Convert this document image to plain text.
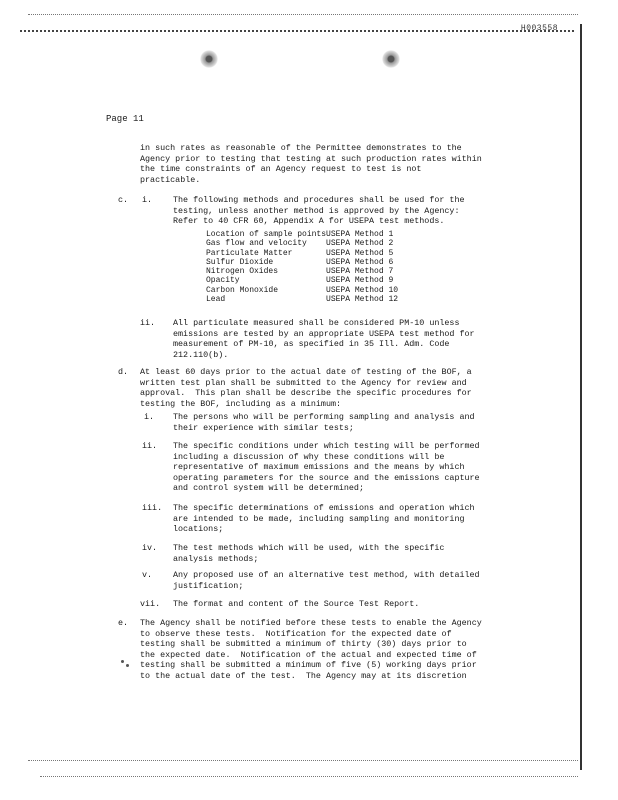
H003558
Page 11
in such rates as reasonable of the Permittee demonstrates to the
Agency prior to testing that testing at such production rates within
the time constraints of an Agency request to test is not
practicable.
c. i. The following methods and procedures shall be used for the
testing, unless another method is approved by the Agency:
Refer to 40 CFR 60, Appendix A for USEPA test methods.
Location of sample points	USEPA Method 1
Gas flow and velocity	USEPA Method 2
Particulate Matter	USEPA Method 5
Sulfur Dioxide	USEPA Method 6
Nitrogen Oxides	USEPA Method 7
Opacity	USEPA Method 9
Carbon Monoxide	USEPA Method 10
Lead	USEPA Method 12
ii. All particulate measured shall be considered PM-10 unless
emissions are tested by an appropriate USEPA test method for
measurement of PM-10, as specified in 35 Ill. Adm. Code
212.110(b).
d. At least 60 days prior to the actual date of testing of the BOF, a
written test plan shall be submitted to the Agency for review and
approval.  This plan shall be describe the specific procedures for
testing the BOF, including as a minimum:
i. The persons who will be performing sampling and analysis and
their experience with similar tests;
ii. The specific conditions under which testing will be performed
including a discussion of why these conditions will be
representative of maximum emissions and the means by which
operating parameters for the source and the emissions capture
and control system will be determined;
iii. The specific determinations of emissions and operation which
are intended to be made, including sampling and monitoring
locations;
iv. The test methods which will be used, with the specific
analysis methods;
v. Any proposed use of an alternative test method, with detailed
justification;
vii. The format and content of the Source Test Report.
e. The Agency shall be notified before these tests to enable the Agency
to observe these tests.  Notification for the expected date of
testing shall be submitted a minimum of thirty (30) days prior to
the expected date.  Notification of the actual and expected time of
testing shall be submitted a minimum of five (5) working days prior
to the actual date of the test.  The Agency may at its discretion
